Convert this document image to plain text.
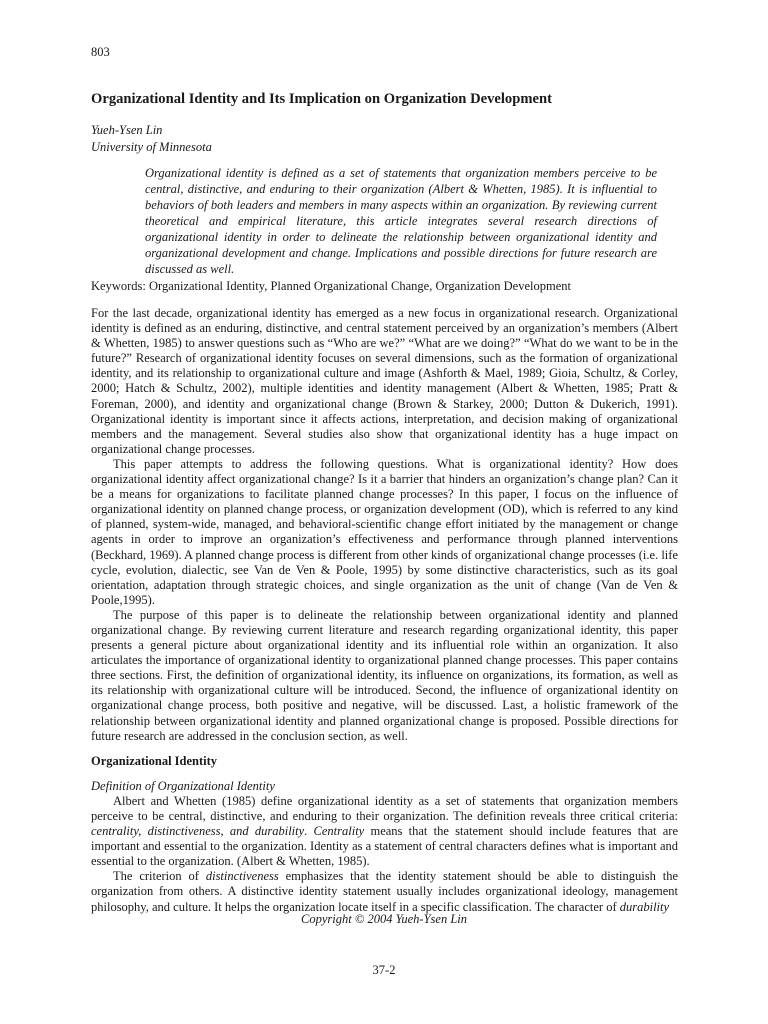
803
Organizational Identity and Its Implication on Organization Development
Yueh-Ysen Lin
University of Minnesota

Organizational identity is defined as a set of statements that organization members perceive to be central, distinctive, and enduring to their organization (Albert & Whetten, 1985). It is influential to behaviors of both leaders and members in many aspects within an organization. By reviewing current theoretical and empirical literature, this article integrates several research directions of organizational identity in order to delineate the relationship between organizational identity and organizational development and change. Implications and possible directions for future research are discussed as well.

Keywords: Organizational Identity, Planned Organizational Change, Organization Development

For the last decade, organizational identity has emerged as a new focus in organizational research. Organizational identity is defined as an enduring, distinctive, and central statement perceived by an organization’s members (Albert & Whetten, 1985) to answer questions such as “Who are we?” “What are we doing?” “What do we want to be in the future?” Research of organizational identity focuses on several dimensions, such as the formation of organizational identity, and its relationship to organizational culture and image (Ashforth & Mael, 1989; Gioia, Schultz, & Corley, 2000; Hatch & Schultz, 2002), multiple identities and identity management (Albert & Whetten, 1985; Pratt & Foreman, 2000), and identity and organizational change (Brown & Starkey, 2000; Dutton & Dukerich, 1991). Organizational identity is important since it affects actions, interpretation, and decision making of organizational members and the management. Several studies also show that organizational identity has a huge impact on organizational change processes.

This paper attempts to address the following questions. What is organizational identity? How does organizational identity affect organizational change? Is it a barrier that hinders an organization’s change plan? Can it be a means for organizations to facilitate planned change processes? In this paper, I focus on the influence of organizational identity on planned change process, or organization development (OD), which is referred to any kind of planned, system-wide, managed, and behavioral-scientific change effort initiated by the management or change agents in order to improve an organization’s effectiveness and performance through planned interventions (Beckhard, 1969). A planned change process is different from other kinds of organizational change processes (i.e. life cycle, evolution, dialectic, see Van de Ven & Poole, 1995) by some distinctive characteristics, such as its goal orientation, adaptation through strategic choices, and single organization as the unit of change (Van de Ven & Poole,1995).

The purpose of this paper is to delineate the relationship between organizational identity and planned organizational change. By reviewing current literature and research regarding organizational identity, this paper presents a general picture about organizational identity and its influential role within an organization. It also articulates the importance of organizational identity to organizational planned change processes. This paper contains three sections. First, the definition of organizational identity, its influence on organizations, its formation, as well as its relationship with organizational culture will be introduced. Second, the influence of organizational identity on organizational change process, both positive and negative, will be discussed. Last, a holistic framework of the relationship between organizational identity and planned organizational change is proposed. Possible directions for future research are addressed in the conclusion section, as well.

Organizational Identity

Definition of Organizational Identity

Albert and Whetten (1985) define organizational identity as a set of statements that organization members perceive to be central, distinctive, and enduring to their organization. The definition reveals three critical criteria: centrality, distinctiveness, and durability. Centrality means that the statement should include features that are important and essential to the organization. Identity as a statement of central characters defines what is important and essential to the organization. (Albert & Whetten, 1985).

The criterion of distinctiveness emphasizes that the identity statement should be able to distinguish the organization from others. A distinctive identity statement usually includes organizational ideology, management philosophy, and culture. It helps the organization locate itself in a specific classification. The character of durability

Copyright © 2004 Yueh-Ysen Lin
37-2
